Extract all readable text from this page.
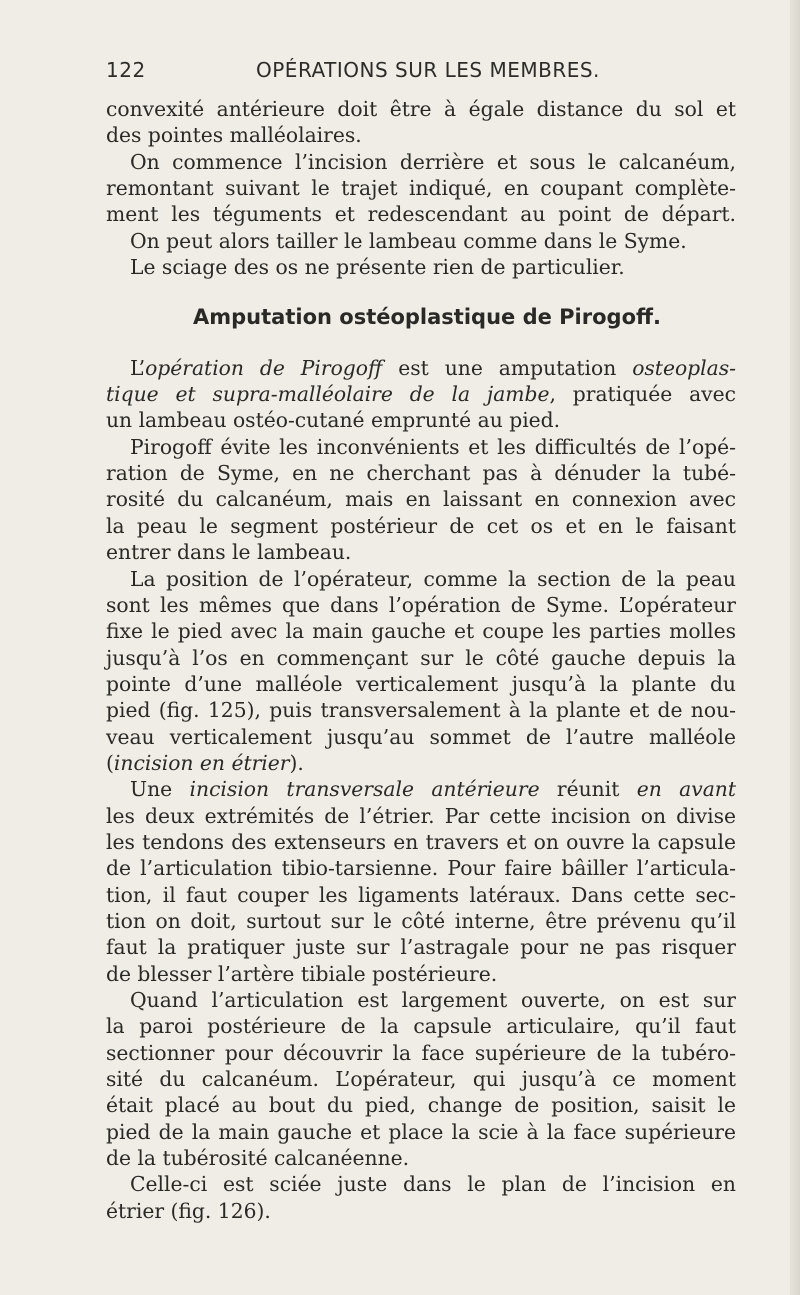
122	OPÉRATIONS SUR LES MEMBRES.
convexité antérieure doit être à égale distance du sol et
des pointes malléolaires.
On commence l’incision derrière et sous le calcanéum,
remontant suivant le trajet indiqué, en coupant complète-
ment les téguments et redescendant au point de départ.
On peut alors tailler le lambeau comme dans le Syme.
Le sciage des os ne présente rien de particulier.
Amputation ostéoplastique de Pirogoff.
L’opération de Pirogoff est une amputation osteoplas-
tique et supra-malléolaire de la jambe, pratiquée avec
un lambeau ostéo-cutané emprunté au pied.
Pirogoff évite les inconvénients et les difficultés de l’opé-
ration de Syme, en ne cherchant pas à dénuder la tubé-
rosité du calcanéum, mais en laissant en connexion avec
la peau le segment postérieur de cet os et en le faisant
entrer dans le lambeau.
La position de l’opérateur, comme la section de la peau
sont les mêmes que dans l’opération de Syme. L’opérateur
fixe le pied avec la main gauche et coupe les parties molles
jusqu’à l’os en commençant sur le côté gauche depuis la
pointe d’une malléole verticalement jusqu’à la plante du
pied (fig. 125), puis transversalement à la plante et de nou-
veau verticalement jusqu’au sommet de l’autre malléole
(incision en étrier).
Une incision transversale antérieure réunit en avant
les deux extrémités de l’étrier. Par cette incision on divise
les tendons des extenseurs en travers et on ouvre la capsule
de l’articulation tibio-tarsienne. Pour faire bâiller l’articula-
tion, il faut couper les ligaments latéraux. Dans cette sec-
tion on doit, surtout sur le côté interne, être prévenu qu’il
faut la pratiquer juste sur l’astragale pour ne pas risquer
de blesser l’artère tibiale postérieure.
Quand l’articulation est largement ouverte, on est sur
la paroi postérieure de la capsule articulaire, qu’il faut
sectionner pour découvrir la face supérieure de la tubéro-
sité du calcanéum. L’opérateur, qui jusqu’à ce moment
était placé au bout du pied, change de position, saisit le
pied de la main gauche et place la scie à la face supérieure
de la tubérosité calcanéenne.
Celle-ci est sciée juste dans le plan de l’incision en
étrier (fig. 126).
